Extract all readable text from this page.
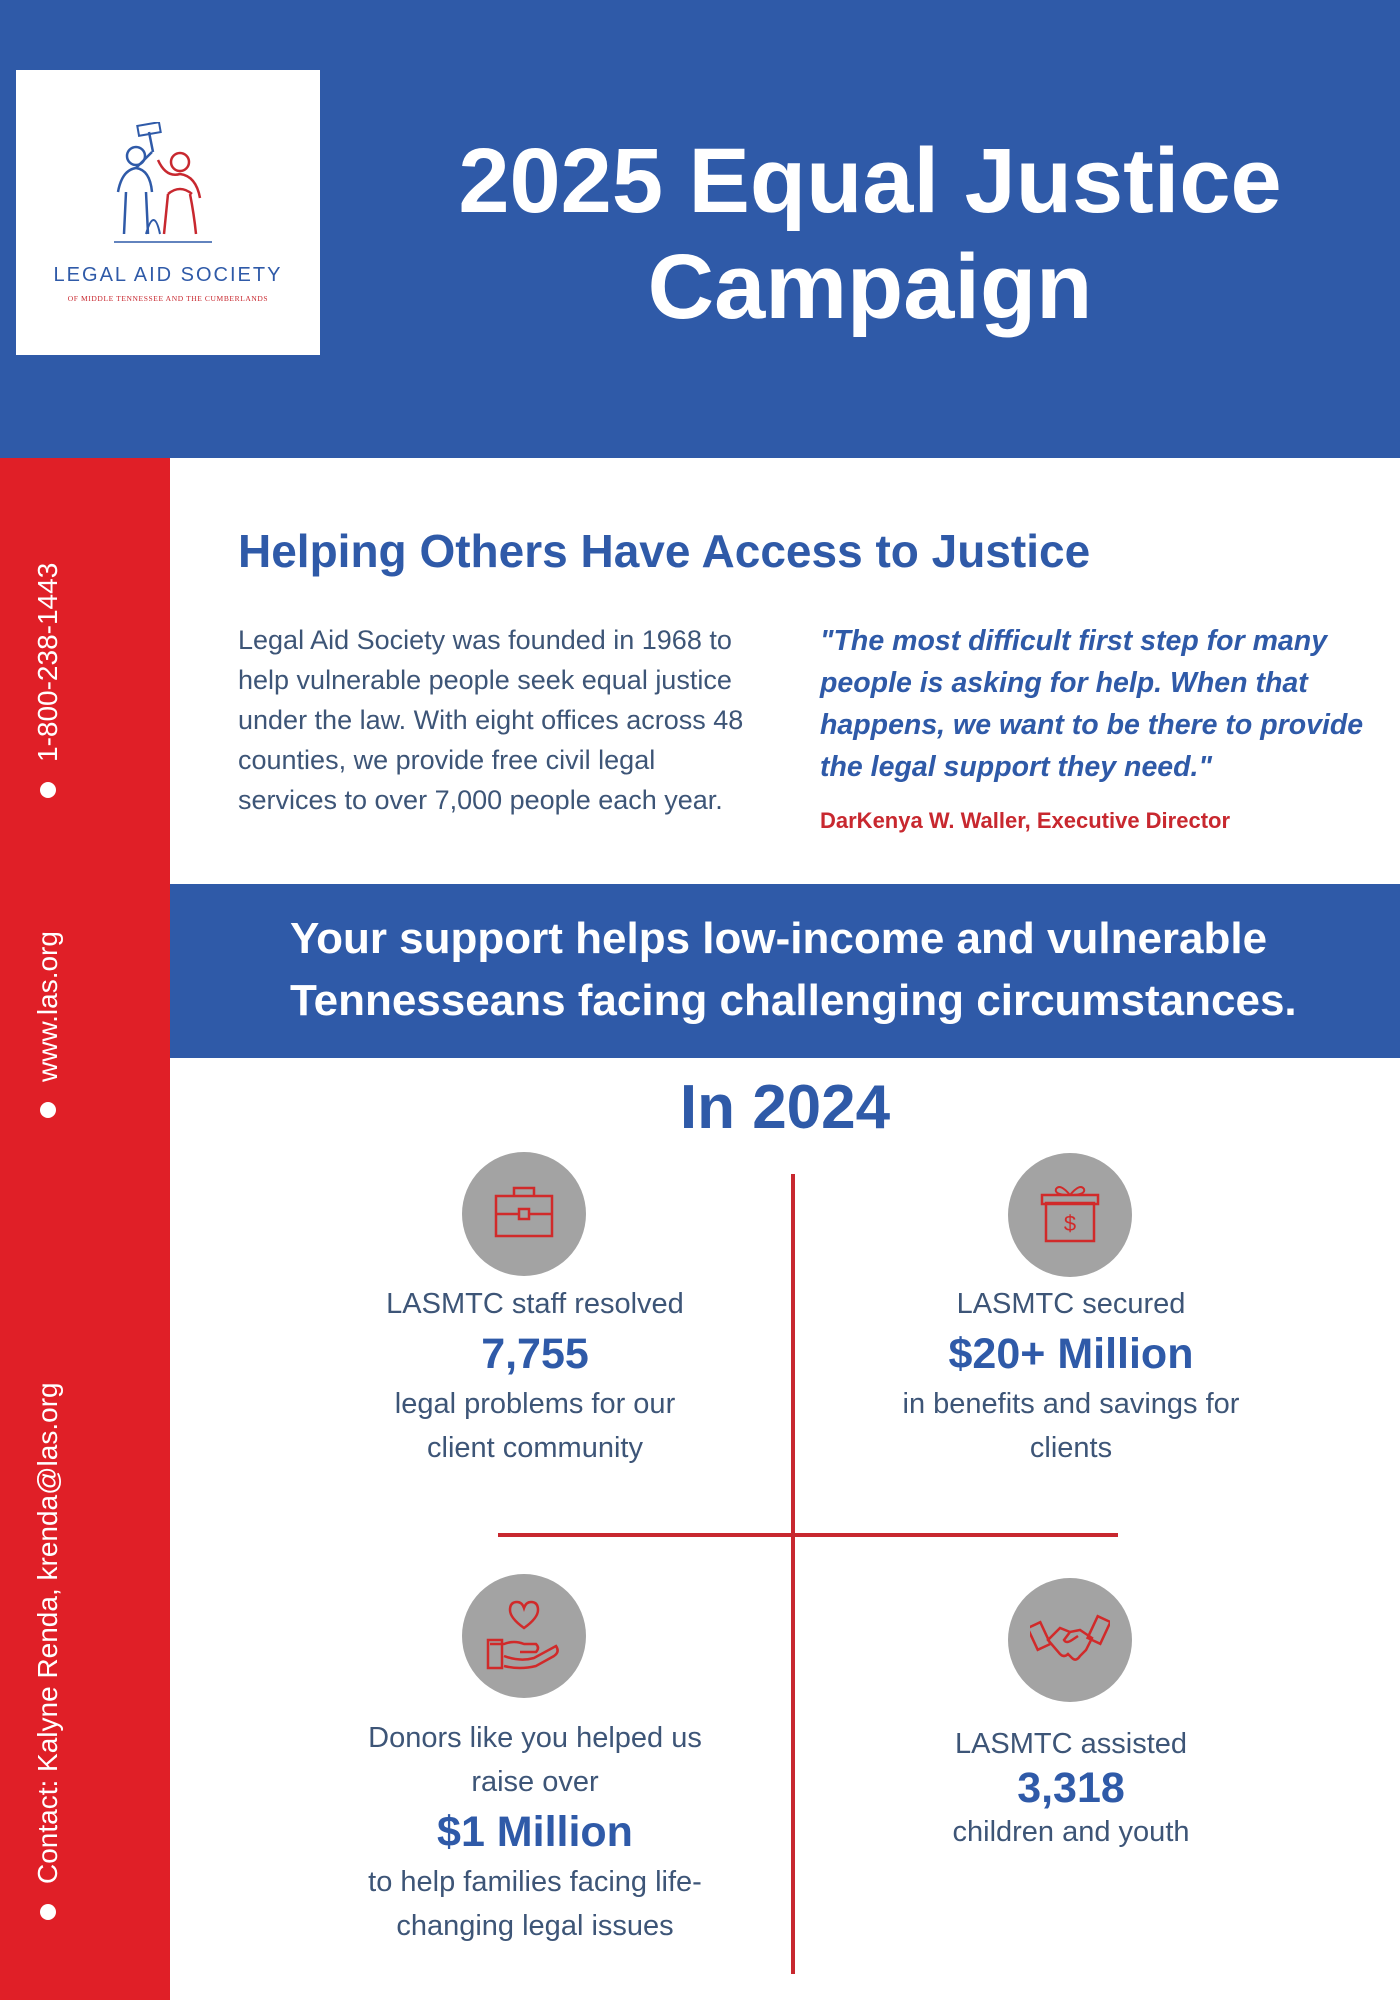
LEGAL AID SOCIETY
OF MIDDLE TENNESSEE AND THE CUMBERLANDS
2025 Equal Justice Campaign
1-800-238-1443
www.las.org
Contact: Kalyne Renda, krenda@las.org
Helping Others Have Access to Justice
Legal Aid Society was founded in 1968 to help vulnerable people seek equal justice under the law. With eight offices across 48 counties, we provide free civil legal services to over 7,000 people each year.
"The most difficult first step for many people is asking for help. When that happens, we want to be there to provide the legal support they need."
DarKenya W. Waller, Executive Director
Your support helps low-income and vulnerable Tennesseans facing challenging circumstances.
In 2024
LASMTC staff resolved
7,755
legal problems for our client community
$
LASMTC secured
$20+ Million
in benefits and savings for clients
Donors like you helped us raise over
$1 Million
to help families facing life-changing legal issues
LASMTC assisted
3,318
children and youth
